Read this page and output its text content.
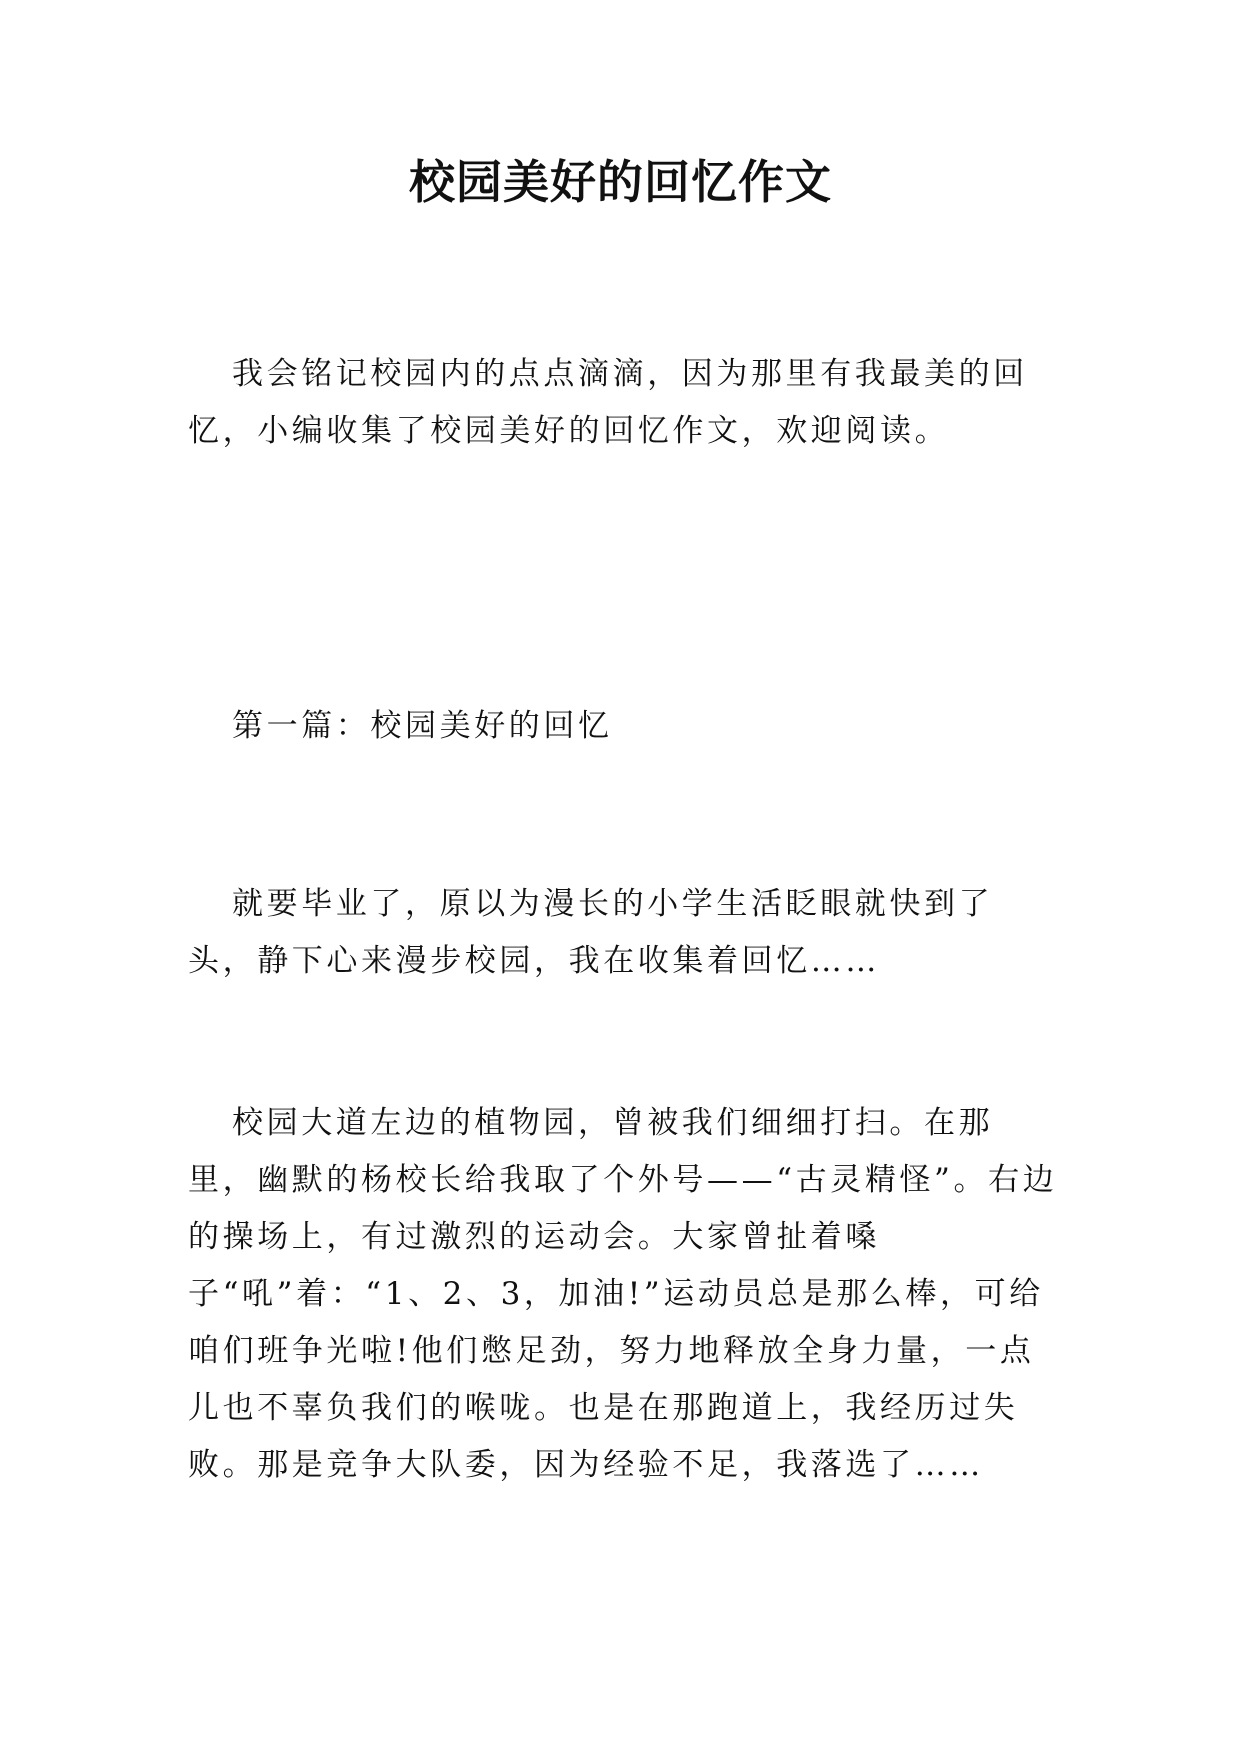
校园美好的回忆作文

我会铭记校园内的点点滴滴，因为那里有我最美的回忆，小编收集了校园美好的回忆作文，欢迎阅读。

第一篇：校园美好的回忆

就要毕业了，原以为漫长的小学生活眨眼就快到了头，静下心来漫步校园，我在收集着回忆……

校园大道左边的植物园，曾被我们细细打扫。在那里，幽默的杨校长给我取了个外号——“古灵精怪”。右边的操场上，有过激烈的运动会。大家曾扯着嗓子“吼”着：“1、2、3，加油!”运动员总是那么棒，可给咱们班争光啦!他们憋足劲，努力地释放全身力量，一点儿也不辜负我们的喉咙。也是在那跑道上，我经历过失败。那是竞争大队委，因为经验不足，我落选了……
